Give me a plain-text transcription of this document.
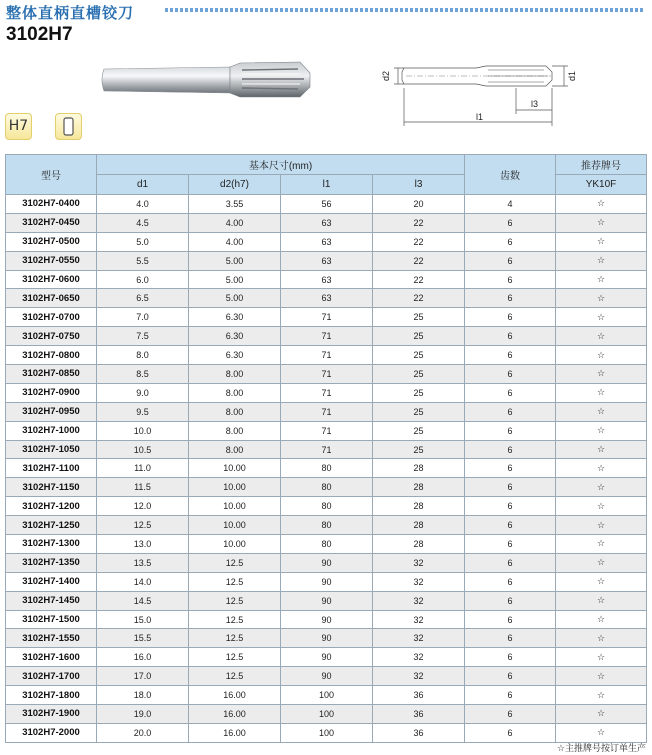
整体直柄直槽铰刀
3102H7
d2	d1
l3
l1
H7
型号	基本尺寸(mm)				齿数	推荐牌号
	d1	d2(h7)	l1	l3		YK10F
3102H7-0400	4.0	3.55	56	20	4	☆
3102H7-0450	4.5	4.00	63	22	6	☆
3102H7-0500	5.0	4.00	63	22	6	☆
3102H7-0550	5.5	5.00	63	22	6	☆
3102H7-0600	6.0	5.00	63	22	6	☆
3102H7-0650	6.5	5.00	63	22	6	☆
3102H7-0700	7.0	6.30	71	25	6	☆
3102H7-0750	7.5	6.30	71	25	6	☆
3102H7-0800	8.0	6.30	71	25	6	☆
3102H7-0850	8.5	8.00	71	25	6	☆
3102H7-0900	9.0	8.00	71	25	6	☆
3102H7-0950	9.5	8.00	71	25	6	☆
3102H7-1000	10.0	8.00	71	25	6	☆
3102H7-1050	10.5	8.00	71	25	6	☆
3102H7-1100	11.0	10.00	80	28	6	☆
3102H7-1150	11.5	10.00	80	28	6	☆
3102H7-1200	12.0	10.00	80	28	6	☆
3102H7-1250	12.5	10.00	80	28	6	☆
3102H7-1300	13.0	10.00	80	28	6	☆
3102H7-1350	13.5	12.5	90	32	6	☆
3102H7-1400	14.0	12.5	90	32	6	☆
3102H7-1450	14.5	12.5	90	32	6	☆
3102H7-1500	15.0	12.5	90	32	6	☆
3102H7-1550	15.5	12.5	90	32	6	☆
3102H7-1600	16.0	12.5	90	32	6	☆
3102H7-1700	17.0	12.5	90	32	6	☆
3102H7-1800	18.0	16.00	100	36	6	☆
3102H7-1900	19.0	16.00	100	36	6	☆
3102H7-2000	20.0	16.00	100	36	6	☆
☆主推牌号按订单生产
